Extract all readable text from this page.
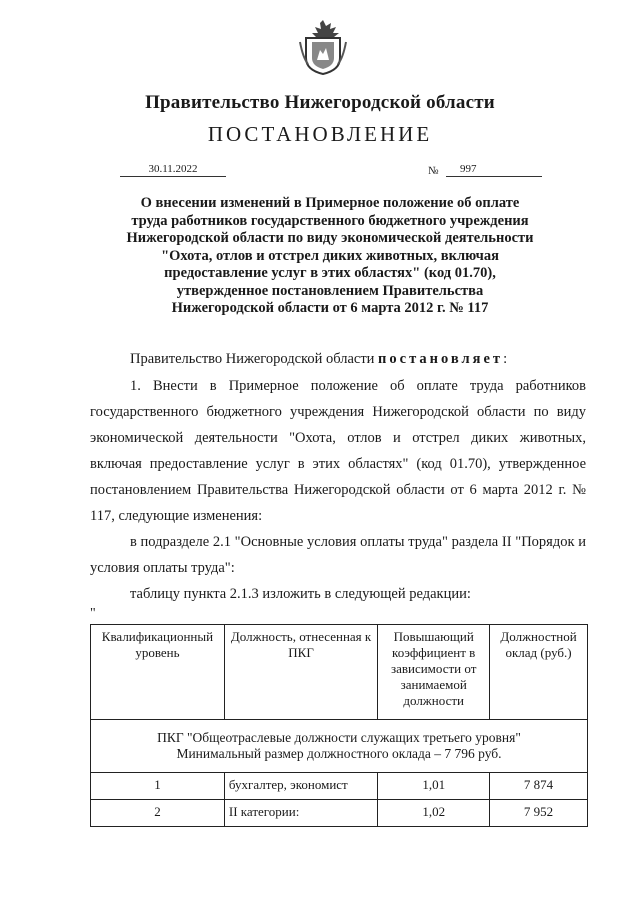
Правительство Нижегородской области
ПОСТАНОВЛЕНИЕ
30.11.2022	№	997
О внесении изменений в Примерное положение об оплате
труда работников государственного бюджетного учреждения
Нижегородской области по виду экономической деятельности
"Охота, отлов и отстрел диких животных, включая
предоставление услуг в этих областях" (код 01.70),
утвержденное постановлением Правительства
Нижегородской области от 6 марта 2012 г. № 117
Правительство Нижегородской области постановляет:
1. Внести в Примерное положение об оплате труда работников государственного бюджетного учреждения Нижегородской области по виду экономической деятельности "Охота, отлов и отстрел диких животных, включая предоставление услуг в этих областях" (код 01.70), утвержденное постановлением Правительства Нижегородской области от 6 марта 2012 г. № 117, следующие изменения:
в подразделе 2.1 "Основные условия оплаты труда" раздела II "Порядок и условия оплаты труда":
таблицу пункта 2.1.3 изложить в следующей редакции:
"
Квалификационный уровень	Должность, отнесенная к ПКГ	Повышающий коэффициент в зависимости от занимаемой должности	Должностной оклад (руб.)

ПКГ "Общеотраслевые должности служащих третьего уровня"
Минимальный размер должностного оклада – 7 796 руб.			

1	бухгалтер, экономист	1,01	7 874
2	II категории:	1,02	7 952
